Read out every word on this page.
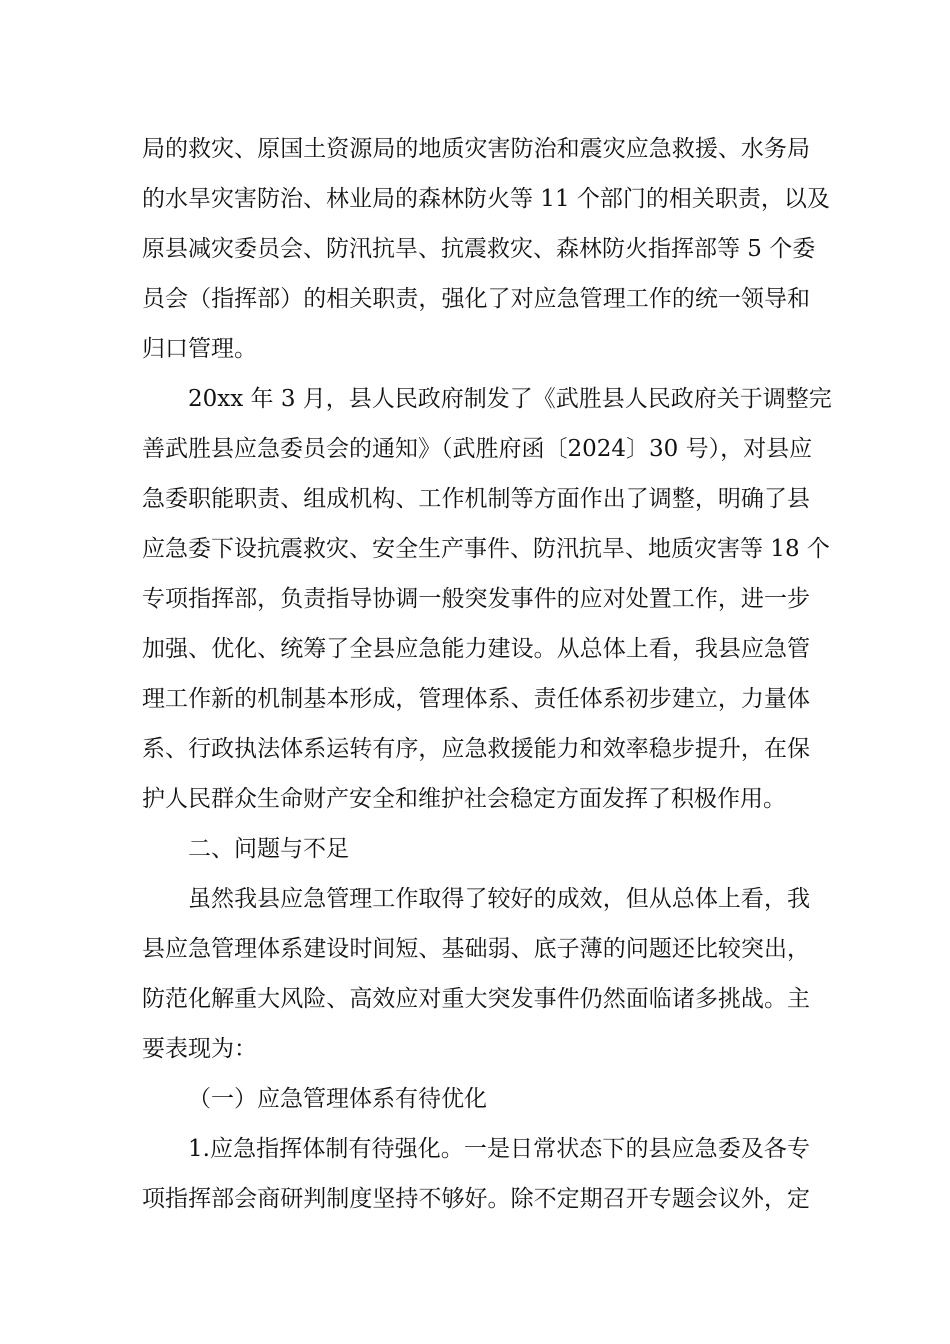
局的救灾、原国土资源局的地质灾害防治和震灾应急救援、水务局
的水旱灾害防治、林业局的森林防火等 11 个部门的相关职责，以及
原县减灾委员会、防汛抗旱、抗震救灾、森林防火指挥部等 5 个委
员会（指挥部）的相关职责，强化了对应急管理工作的统一领导和
归口管理。
20xx 年 3 月，县人民政府制发了《武胜县人民政府关于调整完
善武胜县应急委员会的通知》（武胜府函〔2024〕30 号），对县应
急委职能职责、组成机构、工作机制等方面作出了调整，明确了县
应急委下设抗震救灾、安全生产事件、防汛抗旱、地质灾害等 18 个
专项指挥部，负责指导协调一般突发事件的应对处置工作，进一步
加强、优化、统筹了全县应急能力建设。从总体上看，我县应急管
理工作新的机制基本形成，管理体系、责任体系初步建立，力量体
系、行政执法体系运转有序，应急救援能力和效率稳步提升，在保
护人民群众生命财产安全和维护社会稳定方面发挥了积极作用。
二、问题与不足
虽然我县应急管理工作取得了较好的成效，但从总体上看，我
县应急管理体系建设时间短、基础弱、底子薄的问题还比较突出，
防范化解重大风险、高效应对重大突发事件仍然面临诸多挑战。主
要表现为：
（一）应急管理体系有待优化
1.应急指挥体制有待强化。一是日常状态下的县应急委及各专
项指挥部会商研判制度坚持不够好。除不定期召开专题会议外，定
